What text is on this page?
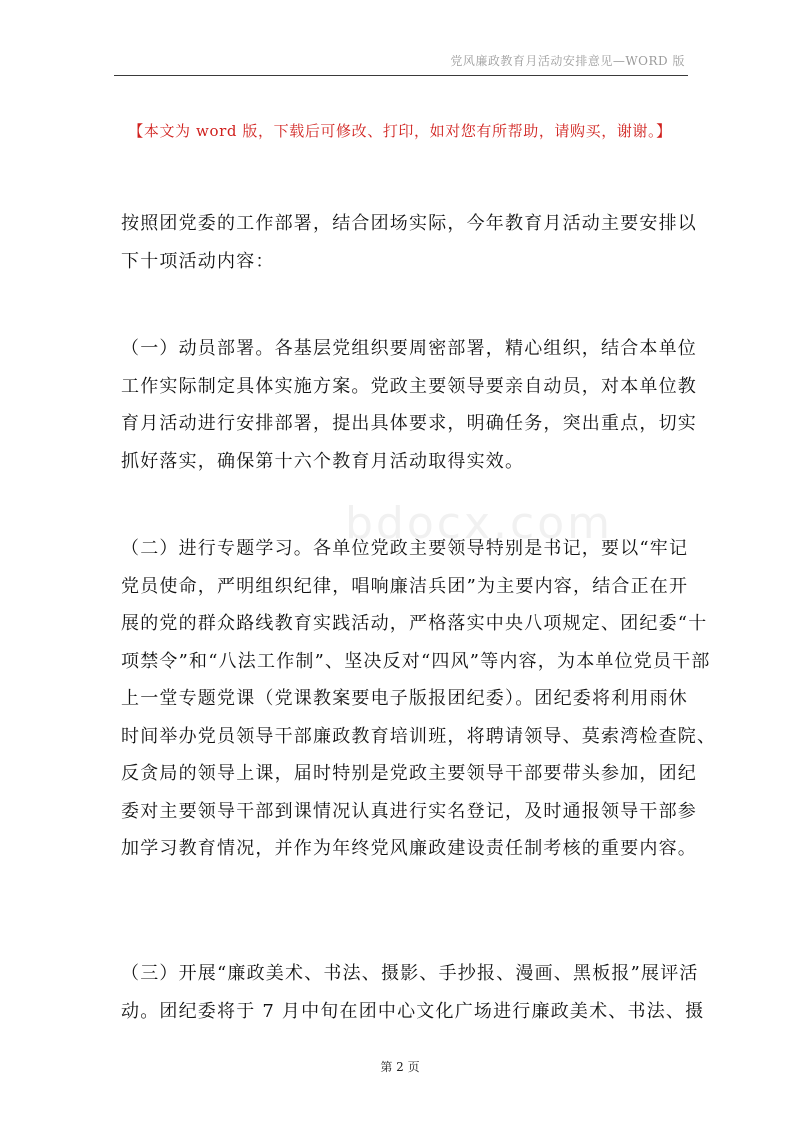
党风廉政教育月活动安排意见—WORD 版
【本文为 word 版，下载后可修改、打印，如对您有所帮助，请购买，谢谢。】
bdocx.com
按照团党委的工作部署，结合团场实际，今年教育月活动主要安排以
下十项活动内容：
（一）动员部署。各基层党组织要周密部署，精心组织，结合本单位
工作实际制定具体实施方案。党政主要领导要亲自动员，对本单位教
育月活动进行安排部署，提出具体要求，明确任务，突出重点，切实
抓好落实，确保第十六个教育月活动取得实效。
（二）进行专题学习。各单位党政主要领导特别是书记，要以“牢记
党员使命，严明组织纪律，唱响廉洁兵团”为主要内容，结合正在开
展的党的群众路线教育实践活动，严格落实中央八项规定、团纪委“十
项禁令”和“八法工作制”、坚决反对“四风”等内容，为本单位党员干部
上一堂专题党课（党课教案要电子版报团纪委）。团纪委将利用雨休
时间举办党员领导干部廉政教育培训班，将聘请领导、莫索湾检查院、
反贪局的领导上课，届时特别是党政主要领导干部要带头参加，团纪
委对主要领导干部到课情况认真进行实名登记，及时通报领导干部参
加学习教育情况，并作为年终党风廉政建设责任制考核的重要内容。
（三）开展“廉政美术、书法、摄影、手抄报、漫画、黑板报”展评活
动。团纪委将于 7 月中旬在团中心文化广场进行廉政美术、书法、摄
第 2 页
